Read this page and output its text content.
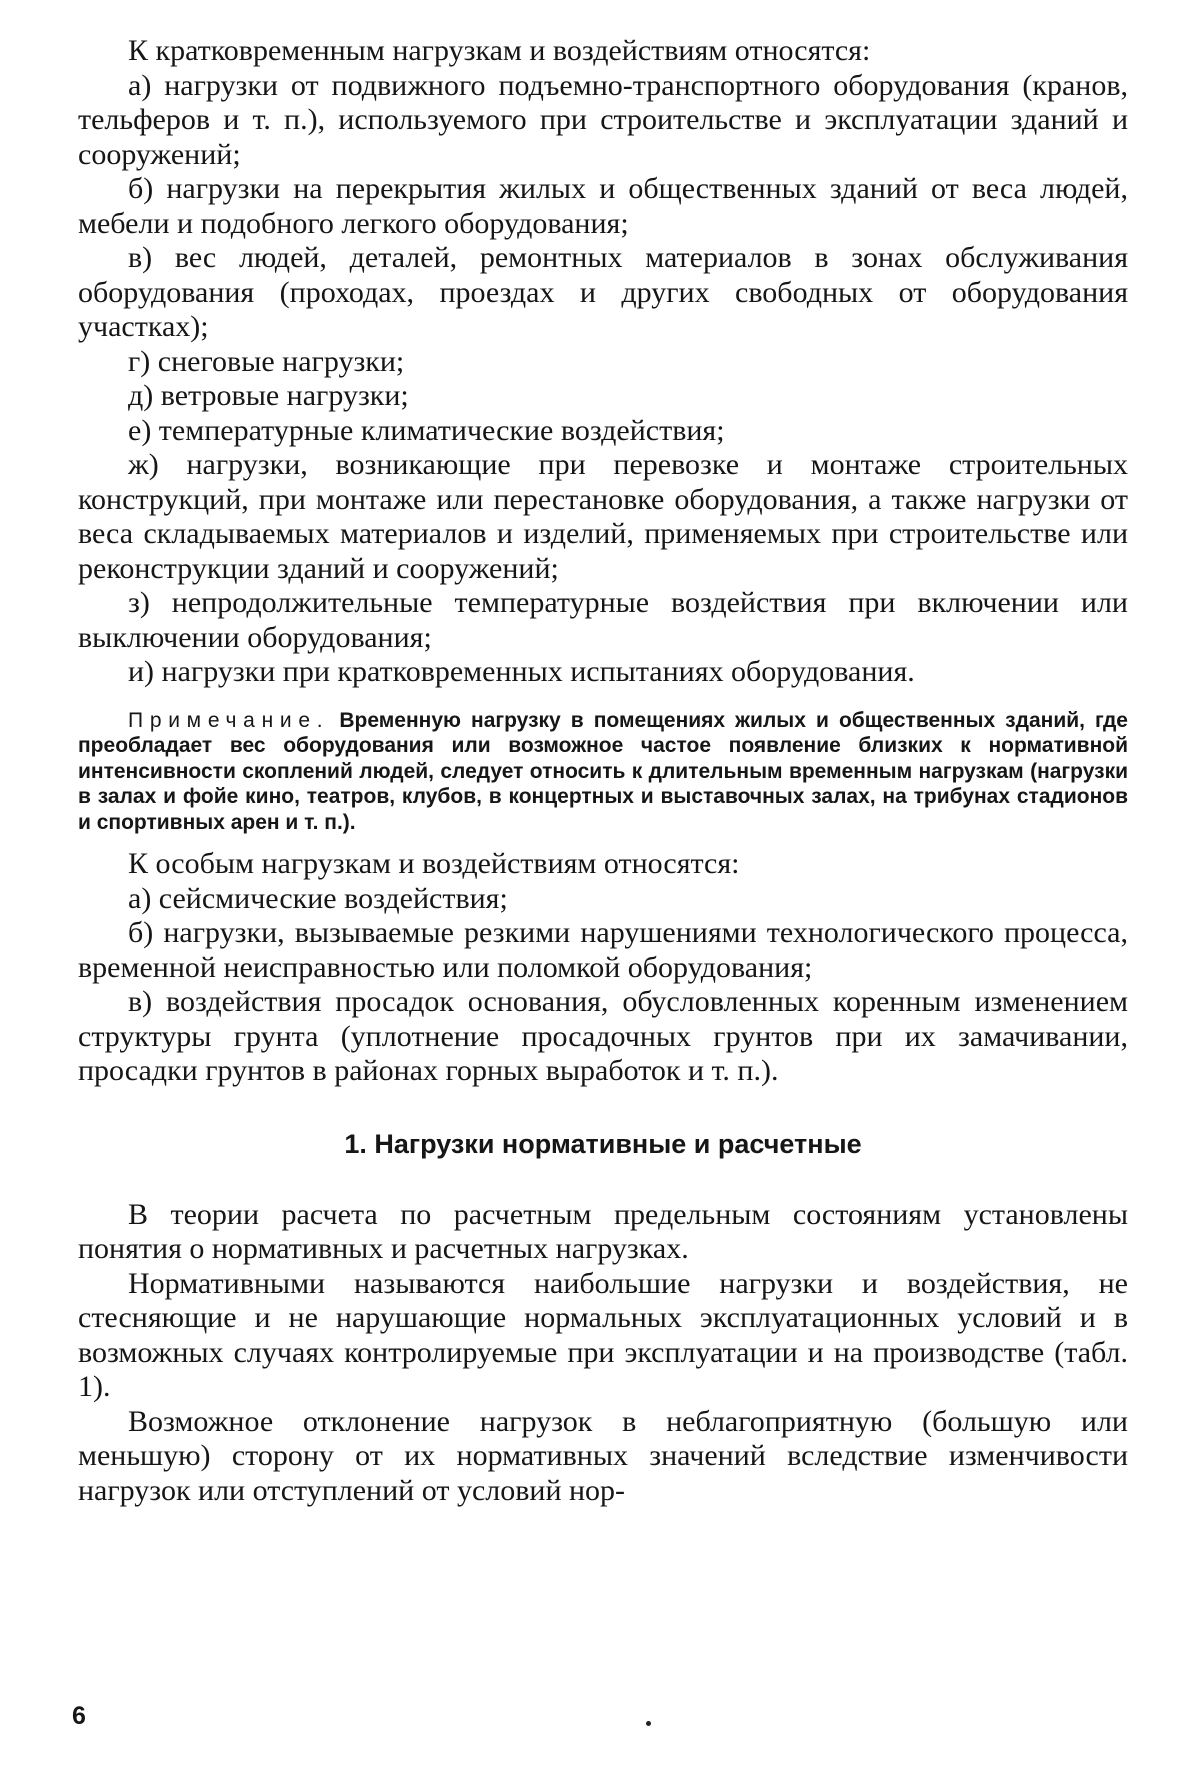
К кратковременным нагрузкам и воздействиям относятся:

а) нагрузки от подвижного подъемно-транспортного оборудования (кранов, тельферов и т. п.), используемого при строительстве и эксплуатации зданий и сооружений;

б) нагрузки на перекрытия жилых и общественных зданий от веса людей, мебели и подобного легкого оборудования;

в) вес людей, деталей, ремонтных материалов в зонах обслуживания оборудования (проходах, проездах и других свободных от оборудования участках);

г) снеговые нагрузки;

д) ветровые нагрузки;

е) температурные климатические воздействия;

ж) нагрузки, возникающие при перевозке и монтаже строительных конструкций, при монтаже или перестановке оборудования, а также нагрузки от веса складываемых материалов и изделий, применяемых при строительстве или реконструкции зданий и сооружений;

з) непродолжительные температурные воздействия при включении или выключении оборудования;

и) нагрузки при кратковременных испытаниях оборудования.

Примечание. Временную нагрузку в помещениях жилых и общественных зданий, где преобладает вес оборудования или возможное частое появление близких к нормативной интенсивности скоплений людей, следует относить к длительным временным нагрузкам (нагрузки в залах и фойе кино, театров, клубов, в концертных и выставочных залах, на трибунах стадионов и спортивных арен и т. п.).

К особым нагрузкам и воздействиям относятся:

а) сейсмические воздействия;

б) нагрузки, вызываемые резкими нарушениями технологического процесса, временной неисправностью или поломкой оборудования;

в) воздействия просадок основания, обусловленных коренным изменением структуры грунта (уплотнение просадочных грунтов при их замачивании, просадки грунтов в районах горных выработок и т. п.).

1. Нагрузки нормативные и расчетные

В теории расчета по расчетным предельным состояниям установлены понятия о нормативных и расчетных нагрузках.

Нормативными называются наибольшие нагрузки и воздействия, не стесняющие и не нарушающие нормальных эксплуатационных условий и в возможных случаях контролируемые при эксплуатации и на производстве (табл. 1).

Возможное отклонение нагрузок в неблагоприятную (большую или меньшую) сторону от их нормативных значений вследствие изменчивости нагрузок или отступлений от условий нор-

6
